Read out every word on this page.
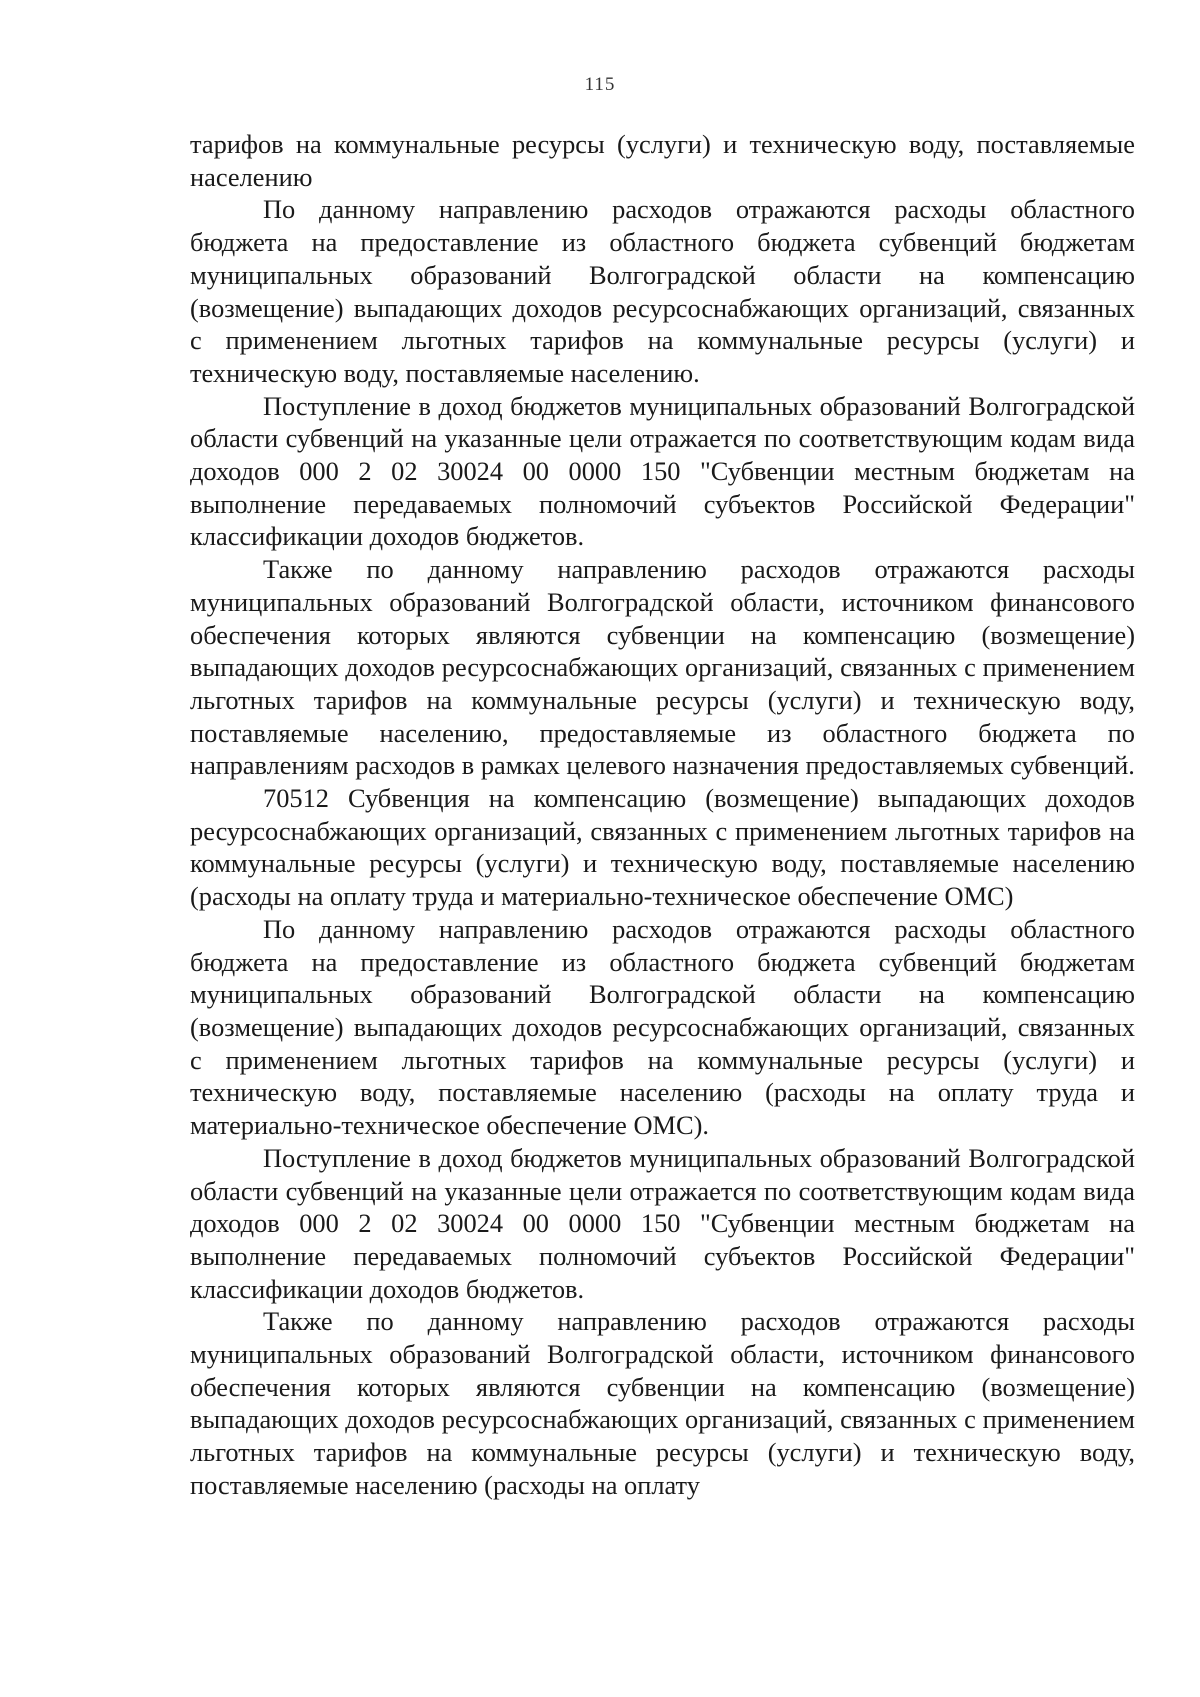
115

тарифов на коммунальные ресурсы (услуги) и техническую воду, поставляемые населению

По данному направлению расходов отражаются расходы областного бюджета на предоставление из областного бюджета субвенций бюджетам муниципальных образований Волгоградской области на компенсацию (возмещение) выпадающих доходов ресурсоснабжающих организаций, связанных с применением льготных тарифов на коммунальные ресурсы (услуги) и техническую воду, поставляемые населению.

Поступление в доход бюджетов муниципальных образований Волгоградской области субвенций на указанные цели отражается по соответствующим кодам вида доходов 000 2 02 30024 00 0000 150 "Субвенции местным бюджетам на выполнение передаваемых полномочий субъектов Российской Федерации" классификации доходов бюджетов.

Также по данному направлению расходов отражаются расходы муниципальных образований Волгоградской области, источником финансового обеспечения которых являются субвенции на компенсацию (возмещение) выпадающих доходов ресурсоснабжающих организаций, связанных с применением льготных тарифов на коммунальные ресурсы (услуги) и техническую воду, поставляемые населению, предоставляемые из областного бюджета по направлениям расходов в рамках целевого назначения предоставляемых субвенций.

70512 Субвенция на компенсацию (возмещение) выпадающих доходов ресурсоснабжающих организаций, связанных с применением льготных тарифов на коммунальные ресурсы (услуги) и техническую воду, поставляемые населению (расходы на оплату труда и материально-техническое обеспечение ОМС)

По данному направлению расходов отражаются расходы областного бюджета на предоставление из областного бюджета субвенций бюджетам муниципальных образований Волгоградской области на компенсацию (возмещение) выпадающих доходов ресурсоснабжающих организаций, связанных с применением льготных тарифов на коммунальные ресурсы (услуги) и техническую воду, поставляемые населению (расходы на оплату труда и материально-техническое обеспечение ОМС).

Поступление в доход бюджетов муниципальных образований Волгоградской области субвенций на указанные цели отражается по соответствующим кодам вида доходов 000 2 02 30024 00 0000 150 "Субвенции местным бюджетам на выполнение передаваемых полномочий субъектов Российской Федерации" классификации доходов бюджетов.

Также по данному направлению расходов отражаются расходы муниципальных образований Волгоградской области, источником финансового обеспечения которых являются субвенции на компенсацию (возмещение) выпадающих доходов ресурсоснабжающих организаций, связанных с применением льготных тарифов на коммунальные ресурсы (услуги) и техническую воду, поставляемые населению (расходы на оплату
